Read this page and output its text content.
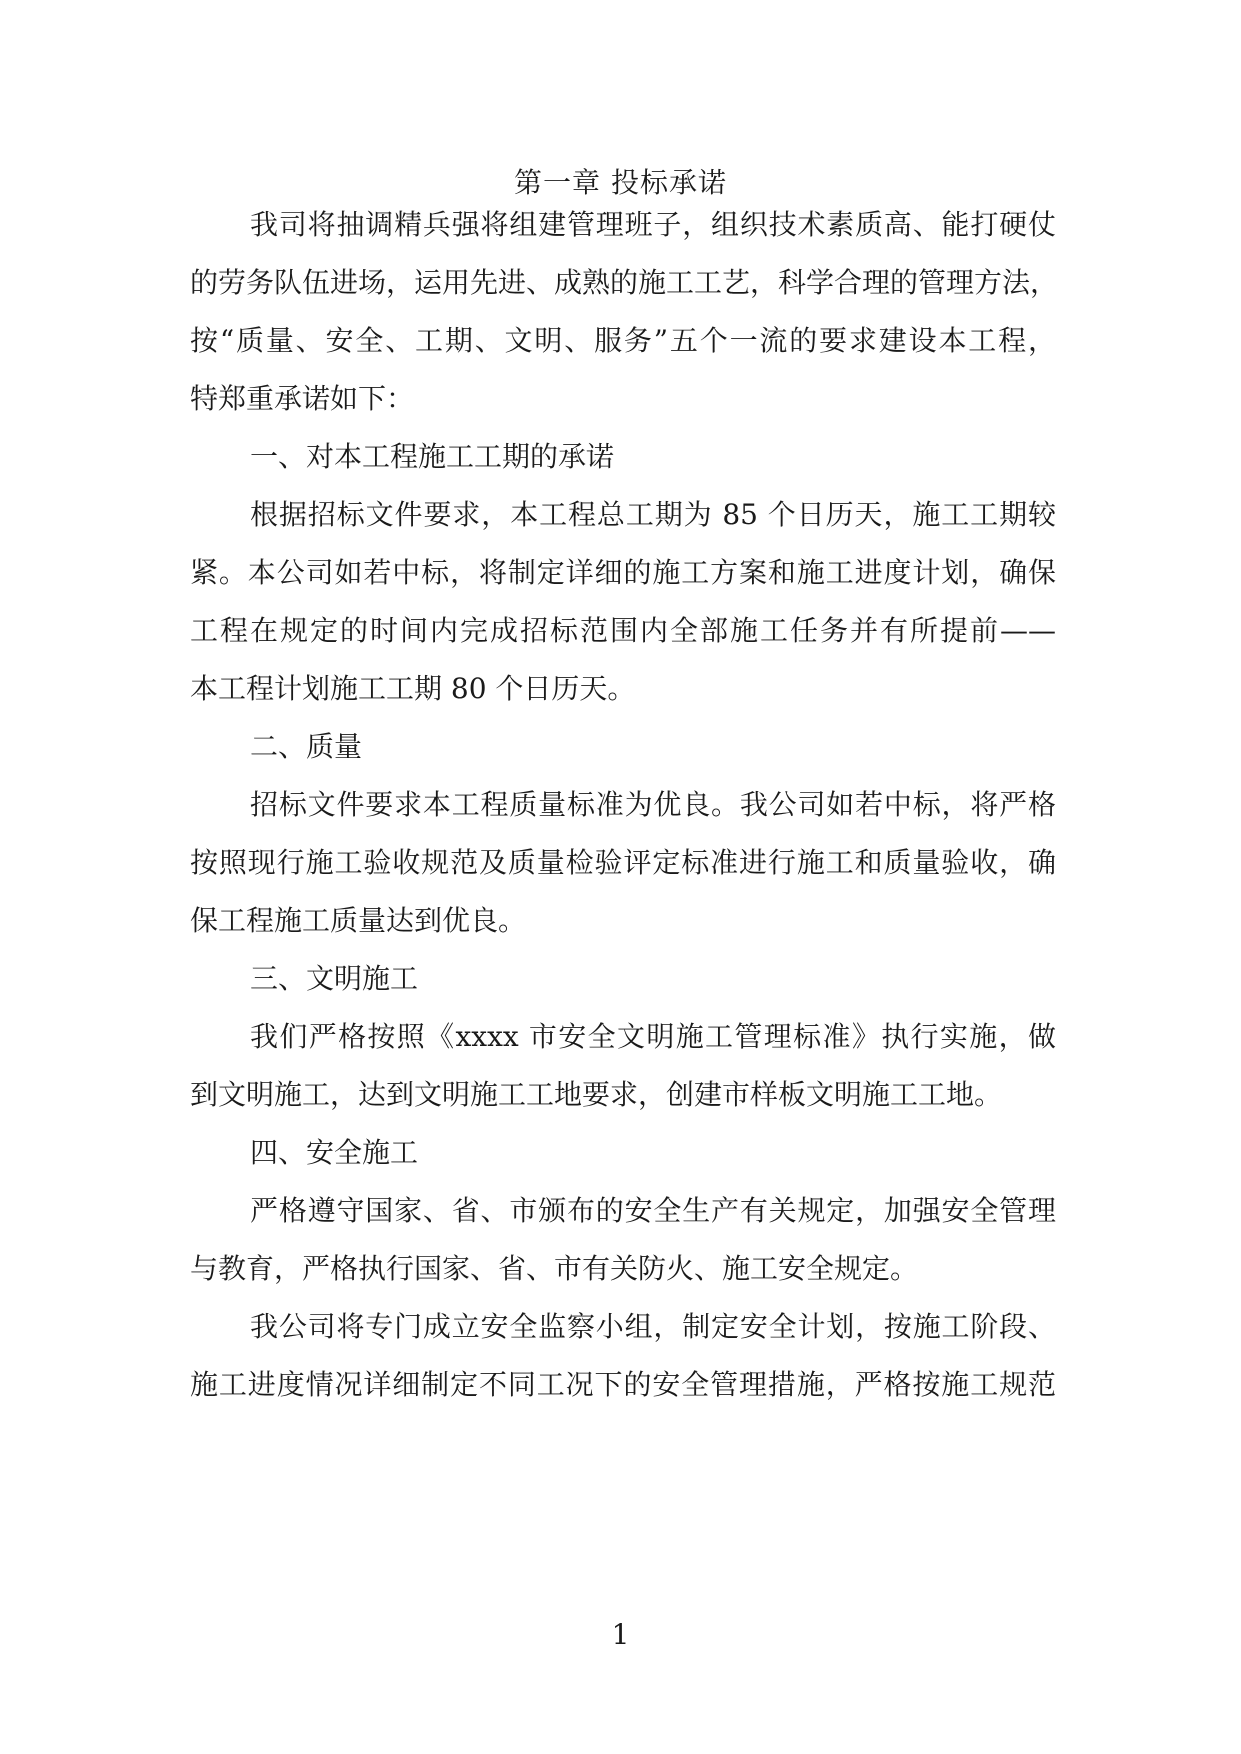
第一章 投标承诺
我司将抽调精兵强将组建管理班子，组织技术素质高、能打硬仗
的劳务队伍进场，运用先进、成熟的施工工艺，科学合理的管理方法，
按“质量、安全、工期、文明、服务”五个一流的要求建设本工程，
特郑重承诺如下：
一、对本工程施工工期的承诺
根据招标文件要求，本工程总工期为 85 个日历天，施工工期较
紧。本公司如若中标，将制定详细的施工方案和施工进度计划，确保
工程在规定的时间内完成招标范围内全部施工任务并有所提前——
本工程计划施工工期 80 个日历天。
二、质量
招标文件要求本工程质量标准为优良。我公司如若中标，将严格
按照现行施工验收规范及质量检验评定标准进行施工和质量验收，确
保工程施工质量达到优良。
三、文明施工
我们严格按照《xxxx 市安全文明施工管理标准》执行实施，做
到文明施工，达到文明施工工地要求，创建市样板文明施工工地。
四、安全施工
严格遵守国家、省、市颁布的安全生产有关规定，加强安全管理
与教育，严格执行国家、省、市有关防火、施工安全规定。
我公司将专门成立安全监察小组，制定安全计划，按施工阶段、
施工进度情况详细制定不同工况下的安全管理措施，严格按施工规范
1
